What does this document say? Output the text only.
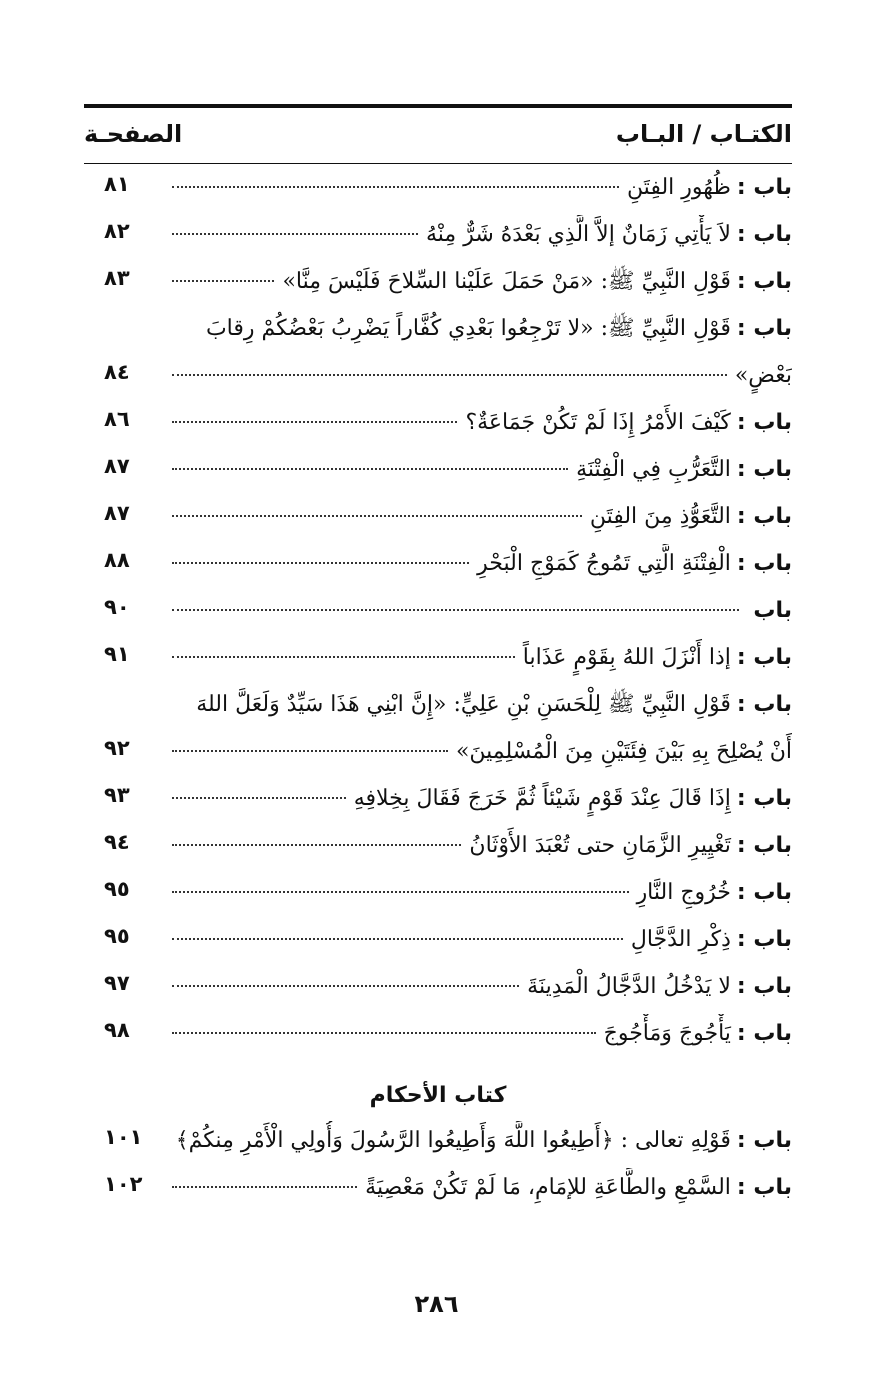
الكتـاب / البـاب
الصفحـة
باب :
ظُهُورِ الفِتَنِ
٨١
باب :
لاَ يَأْتِي زَمَانٌ إلاَّ الَّذِي بَعْدَهُ شَرٌّ مِنْهُ
٨٢
باب :
قَوْلِ النَّبِيِّ ﷺ: «مَنْ حَمَلَ عَلَيْنا السِّلاحَ فَلَيْسَ مِنَّا»
٨٣
باب :
قَوْلِ النَّبِيِّ ﷺ: «لا تَرْجِعُوا بَعْدِي كُفَّاراً يَضْرِبُ بَعْضُكُمْ رِقابَ
بَعْضٍ»
٨٤
باب :
كَيْفَ الأَمْرُ إِذَا لَمْ تَكُنْ جَمَاعَةٌ؟
٨٦
باب :
التَّعَرُّبِ فِي الْفِتْنَةِ
٨٧
باب :
التَّعَوُّذِ مِنَ الفِتَنِ
٨٧
باب :
الْفِتْنَةِ الَّتِي تَمُوجُ كَمَوْجِ الْبَحْرِ
٨٨
باب
٩٠
باب :
إذا أَنْزَلَ اللهُ بِقَوْمٍ عَذَاباً
٩١
باب :
قَوْلِ النَّبِيِّ ﷺ لِلْحَسَنِ بْنِ عَلِيٍّ: «إِنَّ ابْنِي هَذَا سَيِّدٌ وَلَعَلَّ اللهَ
أَنْ يُصْلِحَ بِهِ بَيْنَ فِئَتَيْنِ مِنَ الْمُسْلِمِينَ»
٩٢
باب :
إِذَا قَالَ عِنْدَ قَوْمٍ شَيْئاً ثُمَّ خَرَجَ فَقَالَ بِخِلافِهِ
٩٣
باب :
تَغْيِيرِ الزَّمَانِ حتى تُعْبَدَ الأَوْثَانُ
٩٤
باب :
خُرُوجِ النَّارِ
٩٥
باب :
ذِكْرِ الدَّجَّالِ
٩٥
باب :
لا يَدْخُلُ الدَّجَّالُ الْمَدِينَةَ
٩٧
باب :
يَأْجُوجَ وَمَأْجُوجَ
٩٨
كتاب الأحكام
باب :
قَوْلِهِ تعالى : ﴿أَطِيعُوا اللَّهَ وَأَطِيعُوا الرَّسُولَ وَأُولِي الْأَمْرِ مِنكُمْ﴾
١٠١
باب :
السَّمْعِ والطَّاعَةِ للإمَامِ، مَا لَمْ تَكُنْ مَعْصِيَةً
١٠٢
٢٨٦
